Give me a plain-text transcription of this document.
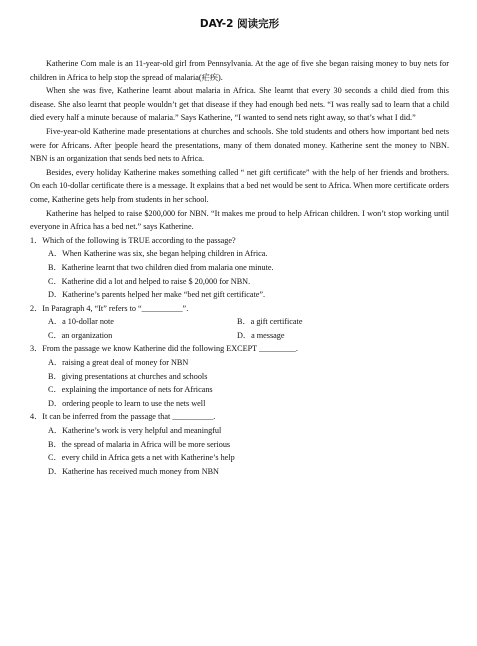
DAY-2 阅读完形

Katherine Com male is an 11-year-old girl from Pennsylvania. At the age of five she began raising money to buy nets for children in Africa to help stop the spread of malaria(疟疾).

When she was five, Katherine learnt about malaria in Africa. She learnt that every 30 seconds a child died from this disease. She also learnt that people wouldn’t get that disease if they had enough bed nets. “I was really sad to learn that a child died every half a minute because of malaria.” Says Katherine, “I wanted to send nets right away, so that’s what I did.”

Five-year-old Katherine made presentations at churches and schools. She told students and others how important bed nets were for Africans. After |people heard the presentations, many of them donated money. Katherine sent the money to NBN. NBN is an organization that sends bed nets to Africa.

Besides, every holiday Katherine makes something called “ net gift certificate” with the help of her friends and brothers. On each 10-dollar certificate there is a message. It explains that a bed net would be sent to Africa. When more certificate orders come, Katherine gets help from students in her school.

Katherine has helped to raise $200,000 for NBN. “It makes me proud to help African children. I won’t stop working until everyone in Africa has a bed net.” says Katherine.

1．Which of the following is TRUE according to the passage?

A．When Katherine was six, she began helping children in Africa.

B．Katherine learnt that two children died from malaria one minute.

C．Katherine did a lot and helped to raise $ 20,000 for NBN.

D．Katherine’s parents helped her make “bed net gift certificate”.

2．In Paragraph 4, “It” refers to “__________”.

A．a 10-dollar note	B．a gift certificate
C．an organization	D．a message

3．From the passage we know Katherine did the following EXCEPT _________.

A．raising a great deal of money for NBN

B．giving presentations at churches and schools

C．explaining the importance of nets for Africans

D．ordering people to learn to use the nets well

4．It can be inferred from the passage that __________.

A．Katherine’s work is very helpful and meaningful

B．the spread of malaria in Africa will be more serious

C．every child in Africa gets a net with Katherine’s help

D．Katherine has received much money from NBN
